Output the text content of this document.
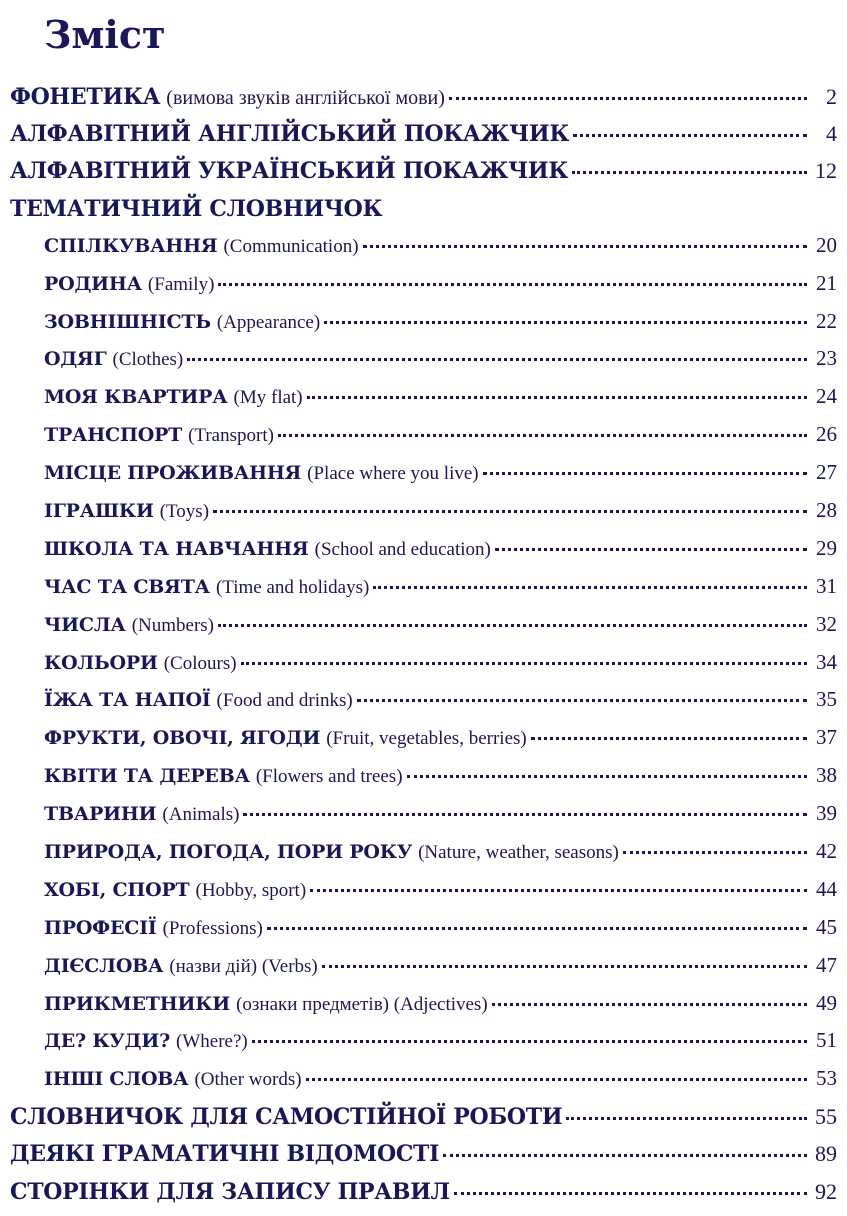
Зміст
ФОНЕТИКА (вимова звуків англійської мови)	2
АЛФАВІТНИЙ АНГЛІЙСЬКИЙ ПОКАЖЧИК	4
АЛФАВІТНИЙ УКРАЇНСЬКИЙ ПОКАЖЧИК	12
ТЕМАТИЧНИЙ СЛОВНИЧОК
СПІЛКУВАННЯ (Communication)	20
РОДИНА (Family)	21
ЗОВНІШНІСТЬ (Appearance)	22
ОДЯГ (Clothes)	23
МОЯ КВАРТИРА (My flat)	24
ТРАНСПОРТ (Transport)	26
МІСЦЕ ПРОЖИВАННЯ (Place where you live)	27
ІГРАШКИ (Toys)	28
ШКОЛА ТА НАВЧАННЯ (School and education)	29
ЧАС ТА СВЯТА (Time and holidays)	31
ЧИСЛА (Numbers)	32
КОЛЬОРИ (Colours)	34
ЇЖА ТА НАПОЇ (Food and drinks)	35
ФРУКТИ, ОВОЧІ, ЯГОДИ (Fruit, vegetables, berries)	37
КВІТИ ТА ДЕРЕВА (Flowers and trees)	38
ТВАРИНИ (Animals)	39
ПРИРОДА, ПОГОДА, ПОРИ РОКУ (Nature, weather, seasons)	42
ХОБІ, СПОРТ (Hobby, sport)	44
ПРОФЕСІЇ (Professions)	45
ДІЄСЛОВА (назви дій) (Verbs)	47
ПРИКМЕТНИКИ (ознаки предметів) (Adjectives)	49
ДЕ? КУДИ? (Where?)	51
ІНШІ СЛОВА (Other words)	53
СЛОВНИЧОК ДЛЯ САМОСТІЙНОЇ РОБОТИ	55
ДЕЯКІ ГРАМАТИЧНІ ВІДОМОСТІ	89
СТОРІНКИ ДЛЯ ЗАПИСУ ПРАВИЛ	92
